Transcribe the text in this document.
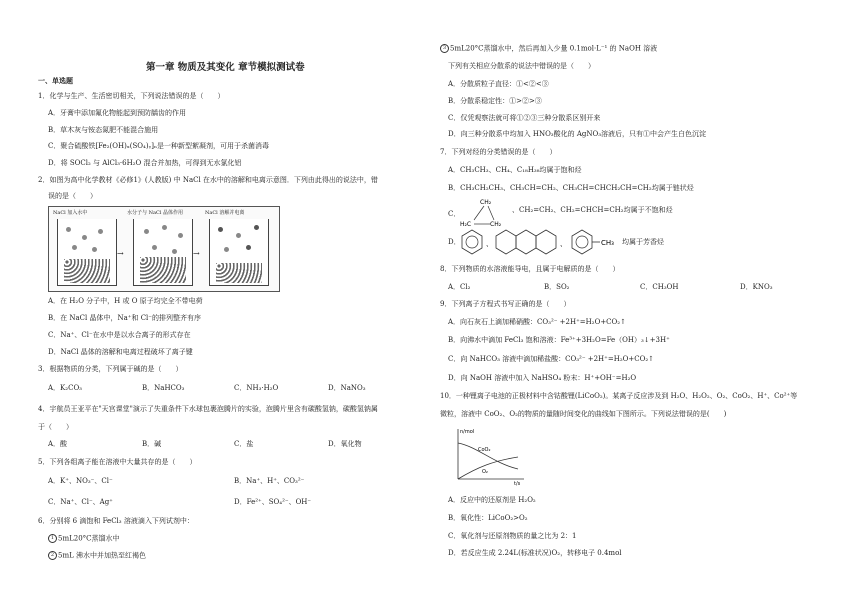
第一章 物质及其变化 章节模拟测试卷
一、单选题
1．化学与生产、生活密切相关，下列说法错误的是（　　）
A．牙膏中添加氟化物能起到预防龋齿的作用
B．草木灰与铵态氮肥不能混合施用
C．聚合硫酸铁[Fe₂(OH)ₓ(SO₄)ᵧ]ₙ是一种新型絮凝剂，可用于杀菌消毒
D．将 SOCl₂ 与 AlCl₃·6H₂O 混合并加热，可得到无水氯化铝
2．如图为高中化学教材《必修1》(人教版) 中 NaCl 在水中的溶解和电离示意图．下列由此得出的说法中，错
误的是（　　）
NaCl 加入水中	水分子与 NaCl 晶体作用	NaCl 溶解并电离
→	→
A．在 H₂O 分子中，H 或 O 原子均完全不带电荷
B．在 NaCl 晶体中，Na⁺和 Cl⁻的排列整齐有序
C．Na⁺、Cl⁻在水中是以水合离子的形式存在
D．NaCl 晶体的溶解和电离过程破坏了离子键
3．根据物质的分类，下列属于碱的是（　　）
A．K₂CO₃	B．NaHCO₃	C．NH₃·H₂O	D．NaNO₃
4．宇航员王亚平在"天宫课堂"演示了失重条件下水球包裹泡腾片的实验，泡腾片里含有碳酸氢钠，碳酸氢钠属
于（　　）
A．酸	B．碱	C．盐	D．氧化物
5．下列各组离子能在溶液中大量共存的是（　　）
A．K⁺、NO₃⁻、Cl⁻	B．Na⁺、H⁺、CO₃²⁻
C．Na⁺、Cl⁻、Ag⁺	D．Fe²⁺、SO₄²⁻、OH⁻
6．分别将 6 滴饱和 FeCl₃ 溶液滴入下列试剂中：
1 5mL20°C蒸馏水中
2 5mL 沸水中并加热至红褐色
3 5mL20°C蒸馏水中，然后再加入少量 0.1mol·L⁻¹ 的 NaOH 溶液
下列有关相应分散系的说法中错误的是（　　）
A．分散质粒子直径：①<②<③
B．分散系稳定性：①>②>③
C．仅凭观察法就可将①②③三种分散系区别开来
D．向三种分散系中均加入 HNO₃酸化的 AgNO₃溶液后，只有①中会产生白色沉淀
7．下列对经的分类错误的是（　　）
A．CH₃CH₃、CH₄、C₁₈H₃₈均属于饱和烃
B．CH₃CH₂CH₃、CH₃CH=CH₂、CH₃CH=CHCH₂CH=CH₂均属于链状烃
C．
CH₂
H₂C	CH₂
、CH₂=CH₂、CH₂=CHCH=CH₂均属于不饱和烃
D．	、	、	CH₃ 均属于芳香烃
8．下列物质的水溶液能导电，且属于电解质的是（　　）
A．Cl₂	B．SO₂	C．CH₃OH	D．KNO₃
9．下列离子方程式书写正确的是（　　）
A．向石灰石上滴加稀硝酸：CO₃²⁻ +2H⁺=H₂O+CO₂↑
B．向沸水中滴加 FeCl₃ 饱和溶液：Fe³⁺+3H₂O=Fe（OH）₃↓+3H⁺
C．向 NaHCO₃ 溶液中滴加稀盐酸：CO₃²⁻ +2H⁺=H₂O+CO₂↑
D．向 NaOH 溶液中加入 NaHSO₄ 粉末：H⁺+OH⁻=H₂O
10．一种锂离子电池的正极材料中含钴酸锂(LiCoO₂)。某离子反应涉及到 H₂O、H₂O₂、O₂、CoO₂、H⁺、Co²⁺等
微粒，溶液中 CoO₂、O₂的物质的量随时间变化的曲线如下图所示。下列说法错误的是(　　)
n/mol
t/s
CoO₂
O₂
A．反应中的还原剂是 H₂O₂
B．氧化性：LiCoO₂>O₂
C．氧化剂与还原剂物质的量之比为 2：1
D．若反应生成 2.24L(标准状况)O₂，转移电子 0.4mol
